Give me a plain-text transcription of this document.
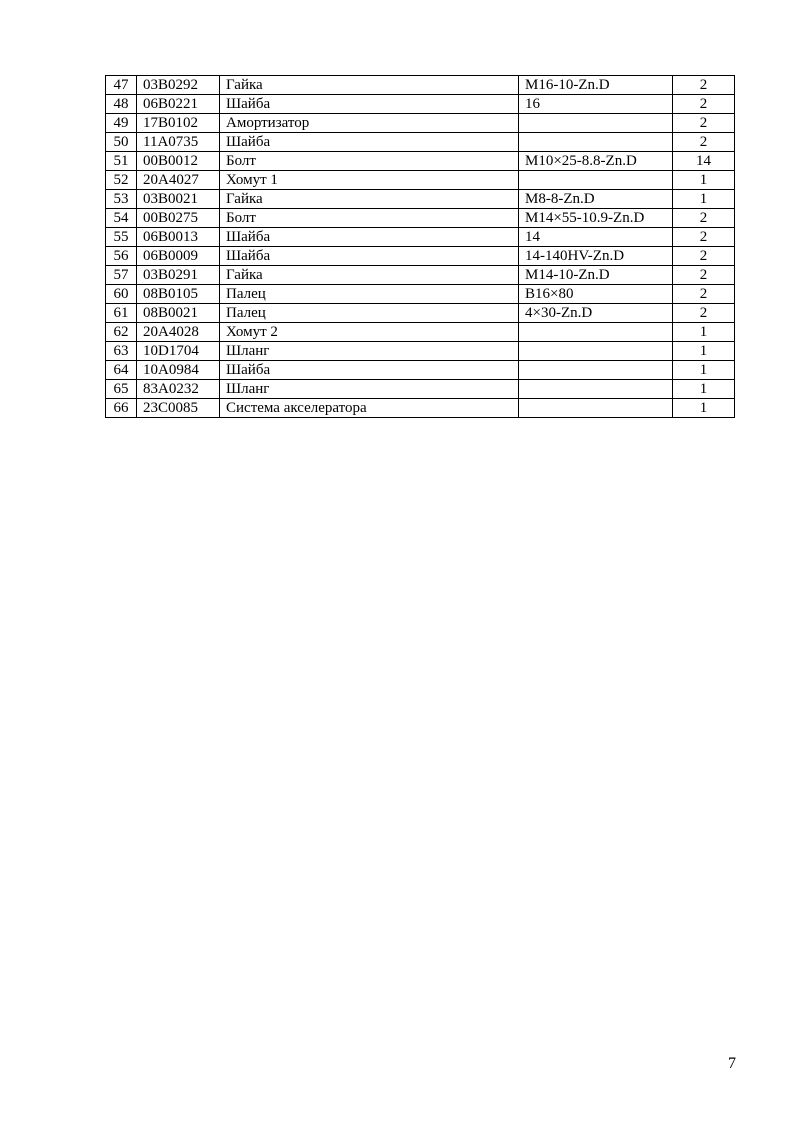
47	03B0292	Гайка	M16-10-Zn.D	2
48	06B0221	Шайба	16	2
49	17B0102	Амортизатор		2
50	11A0735	Шайба		2
51	00B0012	Болт	M10×25-8.8-Zn.D	14
52	20A4027	Хомут 1		1
53	03B0021	Гайка	M8-8-Zn.D	1
54	00B0275	Болт	M14×55-10.9-Zn.D	2
55	06B0013	Шайба	14	2
56	06B0009	Шайба	14-140HV-Zn.D	2
57	03B0291	Гайка	M14-10-Zn.D	2
60	08B0105	Палец	B16×80	2
61	08B0021	Палец	4×30-Zn.D	2
62	20A4028	Хомут 2		1
63	10D1704	Шланг		1
64	10A0984	Шайба		1
65	83A0232	Шланг		1
66	23C0085	Система акселератора		1
7
